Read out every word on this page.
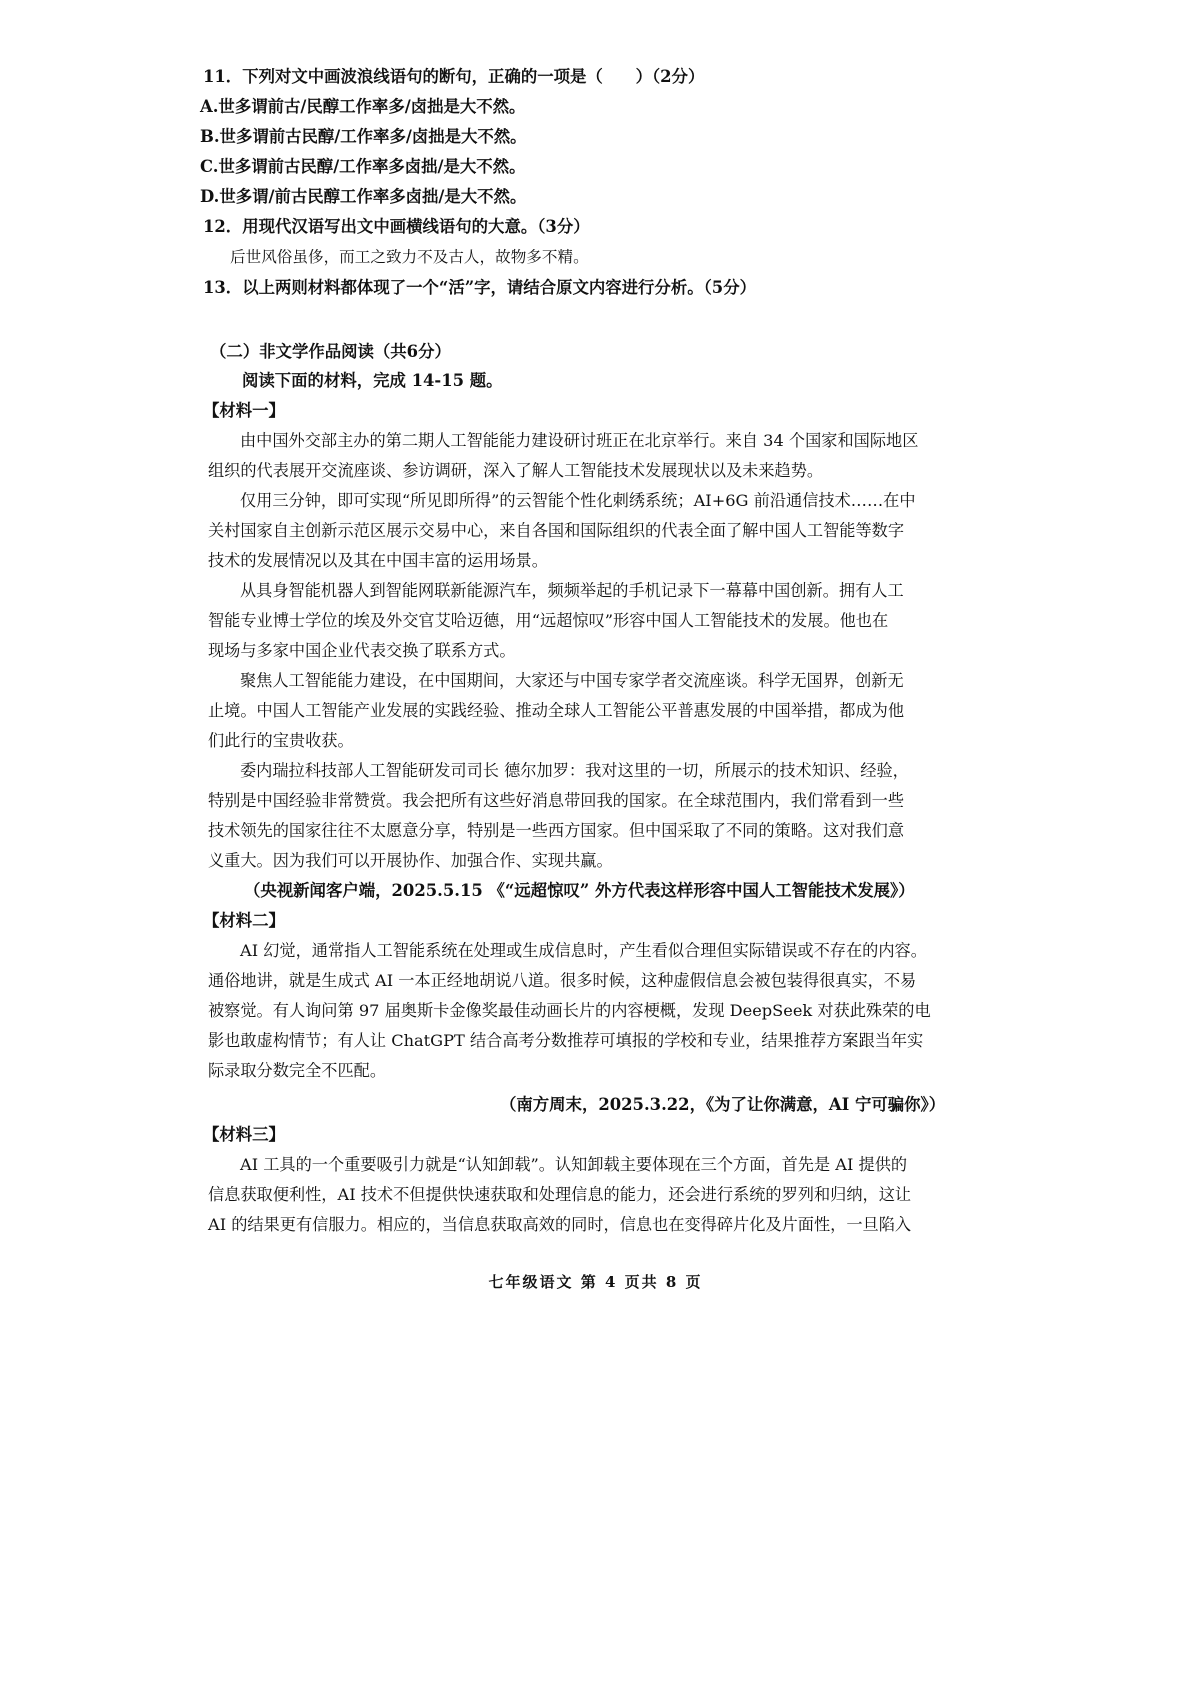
11．下列对文中画波浪线语句的断句，正确的一项是（　　）（2分）
A.世多谓前古/民醇工作率多/卤拙是大不然。
B.世多谓前古民醇/工作率多/卤拙是大不然。
C.世多谓前古民醇/工作率多卤拙/是大不然。
D.世多谓/前古民醇工作率多卤拙/是大不然。
12．用现代汉语写出文中画横线语句的大意。（3分）
后世风俗虽侈，而工之致力不及古人，故物多不精。
13．以上两则材料都体现了一个“活”字，请结合原文内容进行分析。（5分）
（二）非文学作品阅读（共6分）
阅读下面的材料，完成 14-15 题。
【材料一】
由中国外交部主办的第二期人工智能能力建设研讨班正在北京举行。来自 34 个国家和国际地区
组织的代表展开交流座谈、参访调研，深入了解人工智能技术发展现状以及未来趋势。
仅用三分钟，即可实现“所见即所得”的云智能个性化刺绣系统；AI+6G 前沿通信技术……在中
关村国家自主创新示范区展示交易中心，来自各国和国际组织的代表全面了解中国人工智能等数字
技术的发展情况以及其在中国丰富的运用场景。
从具身智能机器人到智能网联新能源汽车，频频举起的手机记录下一幕幕中国创新。拥有人工
智能专业博士学位的埃及外交官艾哈迈德，用“远超惊叹”形容中国人工智能技术的发展。他也在
现场与多家中国企业代表交换了联系方式。
聚焦人工智能能力建设，在中国期间，大家还与中国专家学者交流座谈。科学无国界，创新无
止境。中国人工智能产业发展的实践经验、推动全球人工智能公平普惠发展的中国举措，都成为他
们此行的宝贵收获。
委内瑞拉科技部人工智能研发司司长 德尔加罗：我对这里的一切，所展示的技术知识、经验，
特别是中国经验非常赞赏。我会把所有这些好消息带回我的国家。在全球范围内，我们常看到一些
技术领先的国家往往不太愿意分享，特别是一些西方国家。但中国采取了不同的策略。这对我们意
义重大。因为我们可以开展协作、加强合作、实现共赢。
（央视新闻客户端，2025.5.15 《“远超惊叹” 外方代表这样形容中国人工智能技术发展》）
【材料二】
AI 幻觉，通常指人工智能系统在处理或生成信息时，产生看似合理但实际错误或不存在的内容。
通俗地讲，就是生成式 AI 一本正经地胡说八道。很多时候，这种虚假信息会被包装得很真实，不易
被察觉。有人询问第 97 届奥斯卡金像奖最佳动画长片的内容梗概，发现 DeepSeek 对获此殊荣的电
影也敢虚构情节；有人让 ChatGPT 结合高考分数推荐可填报的学校和专业，结果推荐方案跟当年实
际录取分数完全不匹配。
（南方周末，2025.3.22，《为了让你满意，AI 宁可骗你》）
【材料三】
AI 工具的一个重要吸引力就是“认知卸载”。认知卸载主要体现在三个方面，首先是 AI 提供的
信息获取便利性，AI 技术不但提供快速获取和处理信息的能力，还会进行系统的罗列和归纳，这让
AI 的结果更有信服力。相应的，当信息获取高效的同时，信息也在变得碎片化及片面性，一旦陷入
七年级语文 第 4 页共 8 页
